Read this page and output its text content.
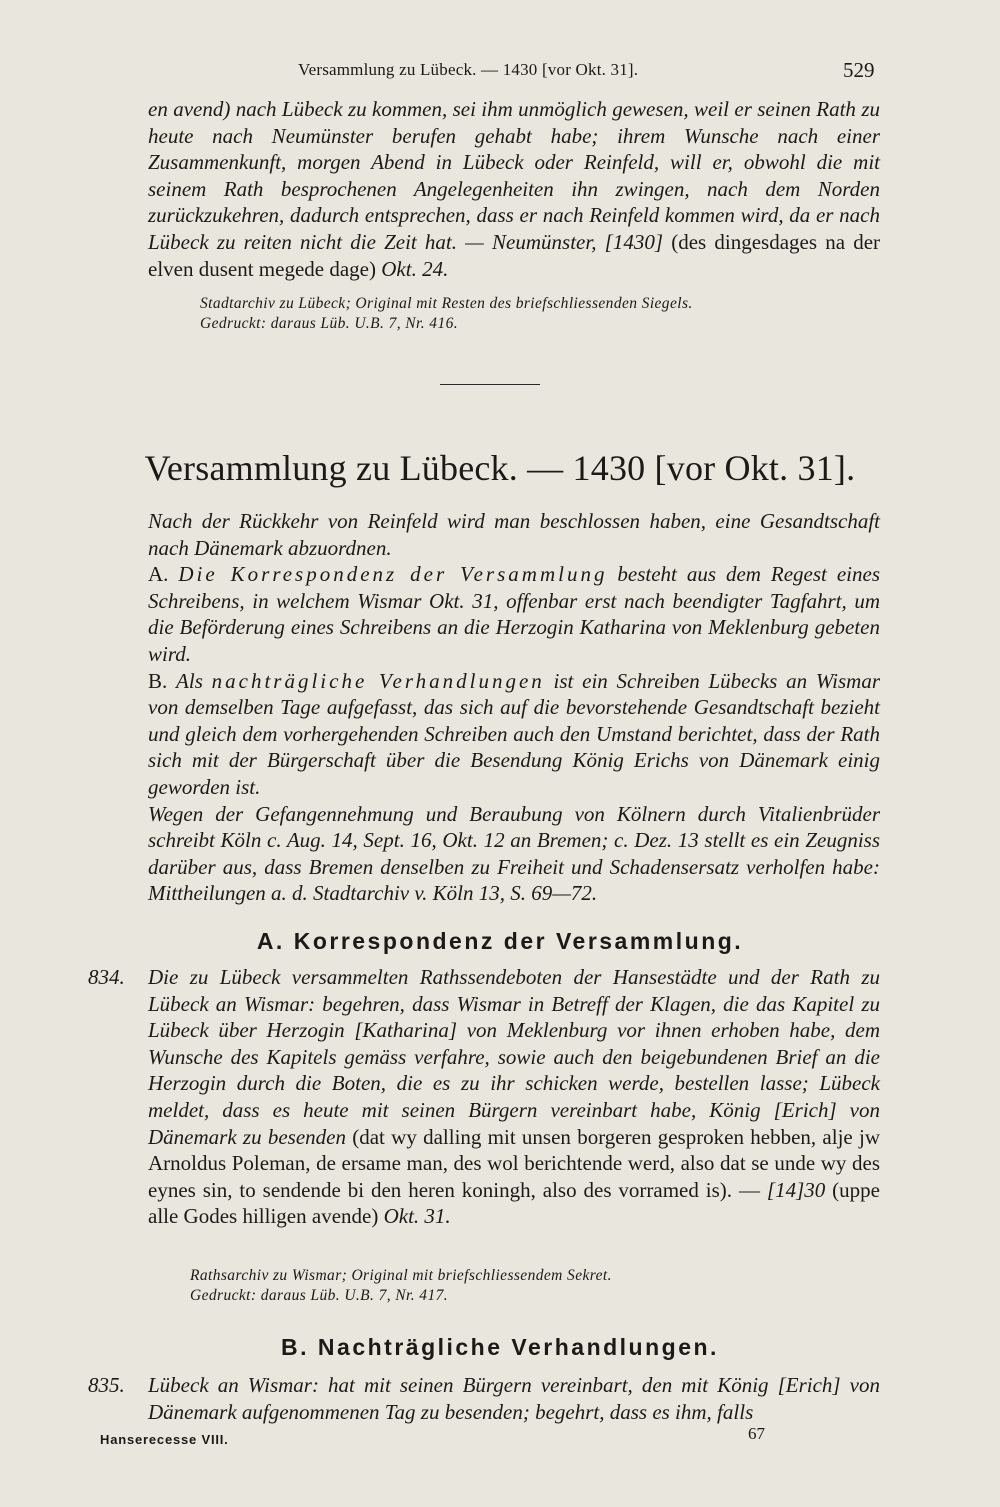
Versammlung zu Lübeck. — 1430 [vor Okt. 31].	529

en avend) nach Lübeck zu kommen, sei ihm unmöglich gewesen, weil er seinen Rath zu heute nach Neumünster berufen gehabt habe; ihrem Wunsche nach einer Zusammenkunft, morgen Abend in Lübeck oder Reinfeld, will er, obwohl die mit seinem Rath besprochenen Angelegenheiten ihn zwingen, nach dem Norden zurückzukehren, dadurch entsprechen, dass er nach Reinfeld kommen wird, da er nach Lübeck zu reiten nicht die Zeit hat. — Neumünster, [1430] (des dingesdages na der elven dusent megede dage) Okt. 24.

Stadtarchiv zu Lübeck; Original mit Resten des briefschliessenden Siegels.
Gedruckt: daraus Lüb. U.B. 7, Nr. 416.
Versammlung zu Lübeck. — 1430 [vor Okt. 31].

Nach der Rückkehr von Reinfeld wird man beschlossen haben, eine Gesandtschaft nach Dänemark abzuordnen.

A. Die Korrespondenz der Versammlung besteht aus dem Regest eines Schreibens, in welchem Wismar Okt. 31, offenbar erst nach beendigter Tagfahrt, um die Beförderung eines Schreibens an die Herzogin Katharina von Meklenburg gebeten wird.

B. Als nachträgliche Verhandlungen ist ein Schreiben Lübecks an Wismar von demselben Tage aufgefasst, das sich auf die bevorstehende Gesandtschaft bezieht und gleich dem vorhergehenden Schreiben auch den Umstand berichtet, dass der Rath sich mit der Bürgerschaft über die Besendung König Erichs von Dänemark einig geworden ist.

Wegen der Gefangennehmung und Beraubung von Kölnern durch Vitalienbrüder schreibt Köln c. Aug. 14, Sept. 16, Okt. 12 an Bremen; c. Dez. 13 stellt es ein Zeugniss darüber aus, dass Bremen denselben zu Freiheit und Schadensersatz verholfen habe: Mittheilungen a. d. Stadtarchiv v. Köln 13, S. 69—72.

A. Korrespondenz der Versammlung.

834. Die zu Lübeck versammelten Rathssendeboten der Hansestädte und der Rath zu Lübeck an Wismar: begehren, dass Wismar in Betreff der Klagen, die das Kapitel zu Lübeck über Herzogin [Katharina] von Meklenburg vor ihnen erhoben habe, dem Wunsche des Kapitels gemäss verfahre, sowie auch den beigebundenen Brief an die Herzogin durch die Boten, die es zu ihr schicken werde, bestellen lasse; Lübeck meldet, dass es heute mit seinen Bürgern vereinbart habe, König [Erich] von Dänemark zu besenden (dat wy dalling mit unsen borgeren gesproken hebben, alje jw Arnoldus Poleman, de ersame man, des wol berichtende werd, also dat se unde wy des eynes sin, to sendende bi den heren koningh, also des vorramed is). — [14]30 (uppe alle Godes hilligen avende) Okt. 31.

Rathsarchiv zu Wismar; Original mit briefschliessendem Sekret.
Gedruckt: daraus Lüb. U.B. 7, Nr. 417.
B. Nachträgliche Verhandlungen.

835. Lübeck an Wismar: hat mit seinen Bürgern vereinbart, den mit König [Erich] von Dänemark aufgenommenen Tag zu besenden; begehrt, dass es ihm, falls

Hanserecesse VIII.	67
